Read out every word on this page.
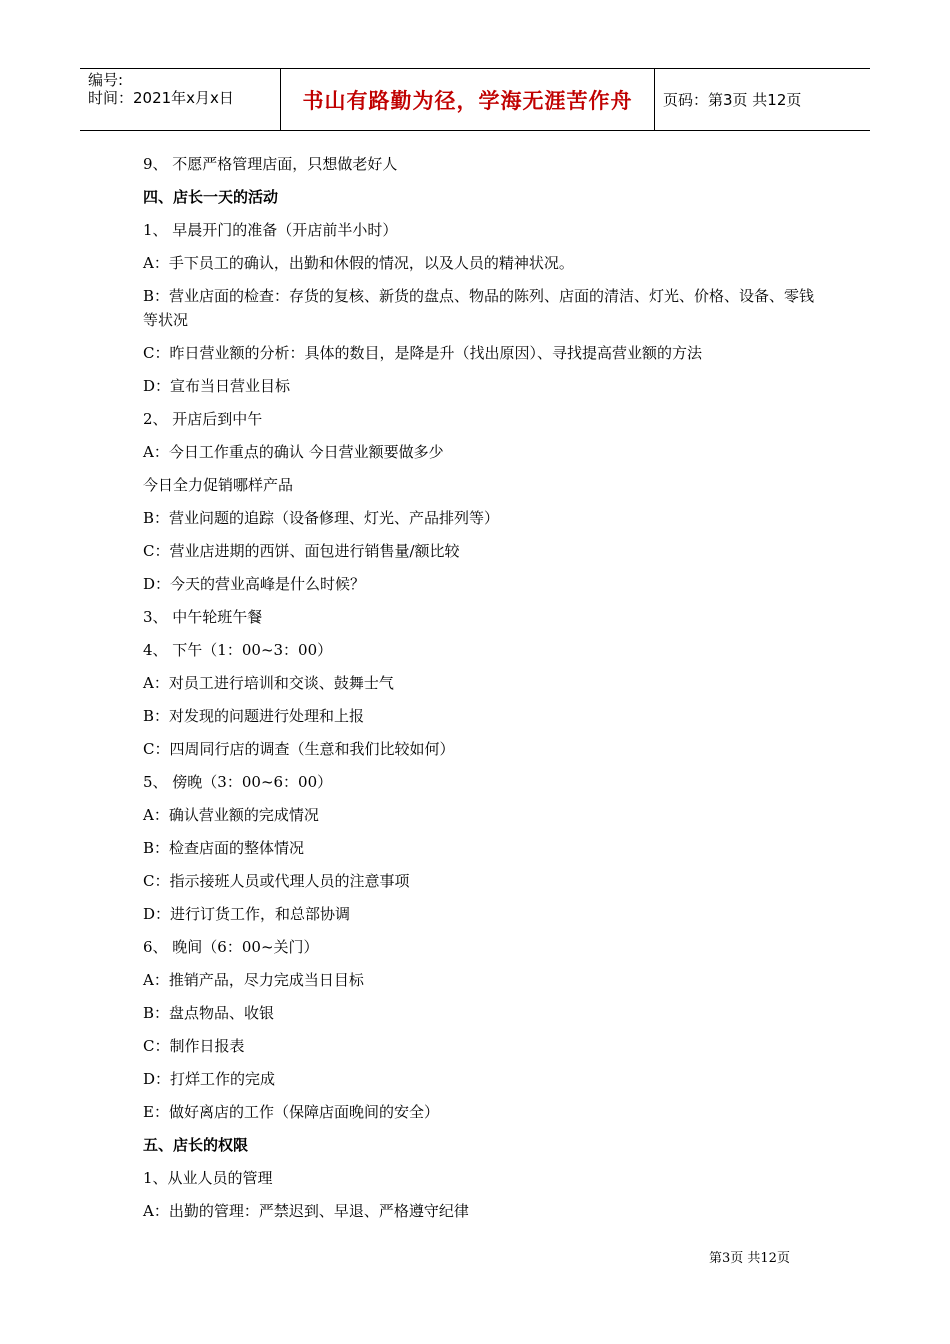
编号:
时间：2021年x月x日	书山有路勤为径，学海无涯苦作舟 页码：第3页 共12页

9、 不愿严格管理店面，只想做老好人

四、店长一天的活动

1、 早晨开门的准备（开店前半小时）

A：手下员工的确认，出勤和休假的情况，以及人员的精神状况。

B：营业店面的检查：存货的复核、新货的盘点、物品的陈列、店面的清洁、灯光、价格、设备、零钱等状况

C：昨日营业额的分析：具体的数目，是降是升（找出原因）、寻找提高营业额的方法

D：宣布当日营业目标

2、 开店后到中午

A：今日工作重点的确认 今日营业额要做多少

今日全力促销哪样产品

B：营业问题的追踪（设备修理、灯光、产品排列等）

C：营业店进期的西饼、面包进行销售量/额比较

D：今天的营业高峰是什么时候？

3、 中午轮班午餐

4、 下午（1：00~3：00）

A：对员工进行培训和交谈、鼓舞士气

B：对发现的问题进行处理和上报

C：四周同行店的调查（生意和我们比较如何）

5、 傍晚（3：00~6：00）

A：确认营业额的完成情况

B：检查店面的整体情况

C：指示接班人员或代理人员的注意事项

D：进行订货工作，和总部协调

6、 晚间（6：00~关门）

A：推销产品，尽力完成当日目标

B：盘点物品、收银

C：制作日报表

D：打烊工作的完成

E：做好离店的工作（保障店面晚间的安全）

五、店长的权限

1、从业人员的管理

A：出勤的管理：严禁迟到、早退、严格遵守纪律

第3页 共12页
